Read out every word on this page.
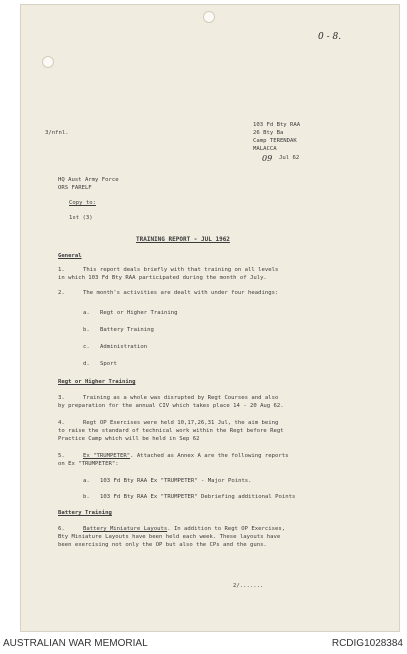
0 - 8.
3/nfnl.
103 Fd Bty RAA
26 Bty Ba
Camp TERENDAK
MALACCA
09 Jul 62
HQ Aust Army Force
ORS FARELF
Copy to:
1st (3)
TRAINING REPORT - JUL 1962
General
1.	This report deals briefly with that training on all levels
in which 103 Fd Bty RAA participated during the month of July.
2.	The month's activities are dealt with under four headings:
a. Regt or Higher Training
b. Battery Training
c. Administration
d. Sport
Regt or Higher Training
3.	Training as a whole was disrupted by Regt Courses and also
by preparation for the annual CIV which takes place 14 - 20 Aug 62.
4.	Regt OP Exercises were held 10,17,26,31 Jul, the aim being
to raise the standard of technical work within the Regt before Regt
Practice Camp which will be held in Sep 62
5.	Ex "TRUMPETER". Attached as Annex A are the following reports
on Ex "TRUMPETER":
a. 103 Fd Bty RAA Ex "TRUMPETER" - Major Points.
b. 103 Fd Bty RAA Ex "TRUMPETER" Debriefing additional Points
Battery Training
6.	Battery Miniature Layouts. In addition to Regt OP Exercises,
Bty Miniature Layouts have been held each week. These layouts have
been exercising not only the OP but also the CPs and the guns.
2/.......
AUSTRALIAN WAR MEMORIAL	RCDIG1028384
